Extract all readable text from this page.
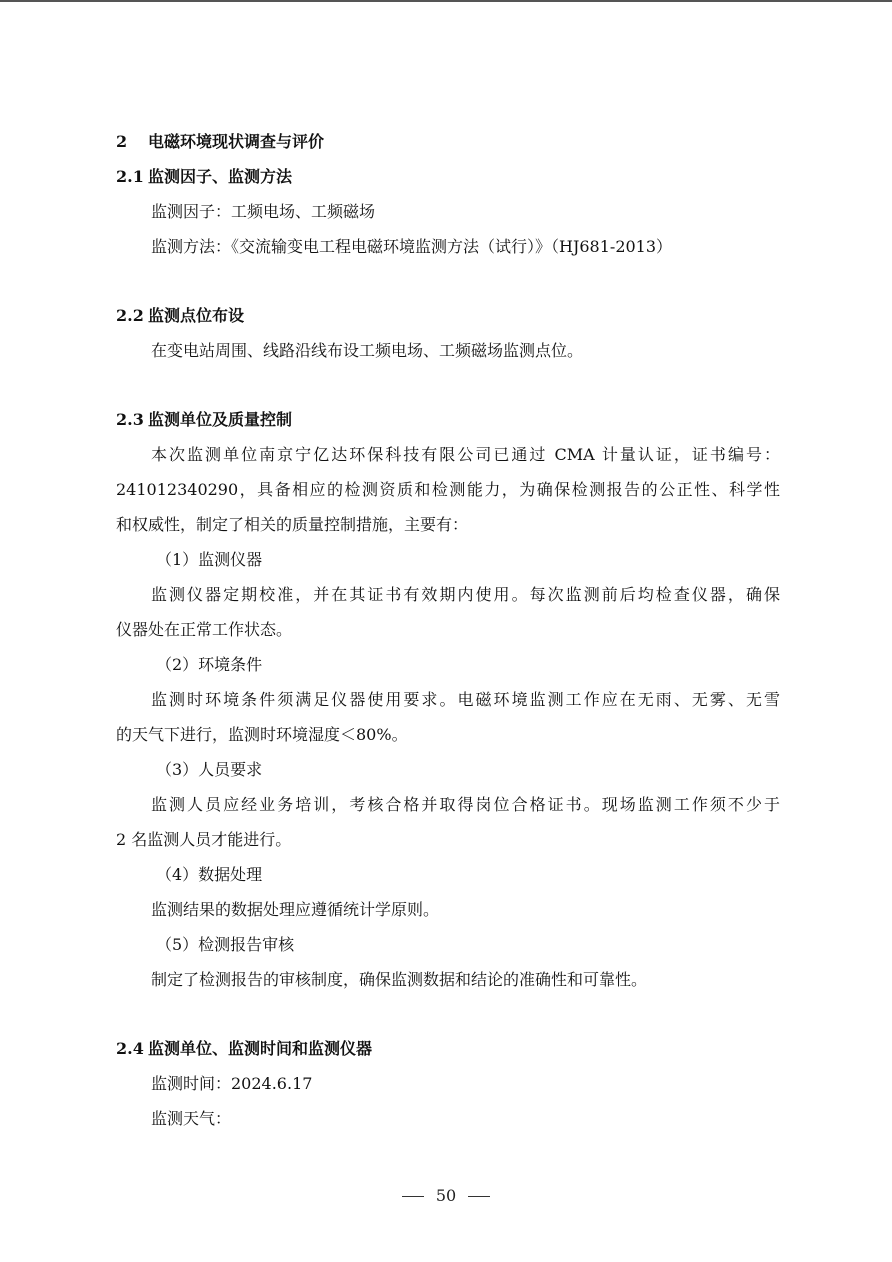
2 电磁环境现状调查与评价
2.1 监测因子、监测方法
监测因子：工频电场、工频磁场
监测方法：《交流输变电工程电磁环境监测方法（试行）》（HJ681-2013）
2.2 监测点位布设
在变电站周围、线路沿线布设工频电场、工频磁场监测点位。
2.3 监测单位及质量控制
本次监测单位南京宁亿达环保科技有限公司已通过 CMA 计量认证，证书编号：
241012340290，具备相应的检测资质和检测能力，为确保检测报告的公正性、科学性
和权威性，制定了相关的质量控制措施，主要有：
（1）监测仪器
监测仪器定期校准，并在其证书有效期内使用。每次监测前后均检查仪器，确保
仪器处在正常工作状态。
（2）环境条件
监测时环境条件须满足仪器使用要求。电磁环境监测工作应在无雨、无雾、无雪
的天气下进行，监测时环境湿度＜80%。
（3）人员要求
监测人员应经业务培训，考核合格并取得岗位合格证书。现场监测工作须不少于
2 名监测人员才能进行。
（4）数据处理
监测结果的数据处理应遵循统计学原则。
（5）检测报告审核
制定了检测报告的审核制度，确保监测数据和结论的准确性和可靠性。
2.4 监测单位、监测时间和监测仪器
监测时间：2024.6.17
监测天气：
50
